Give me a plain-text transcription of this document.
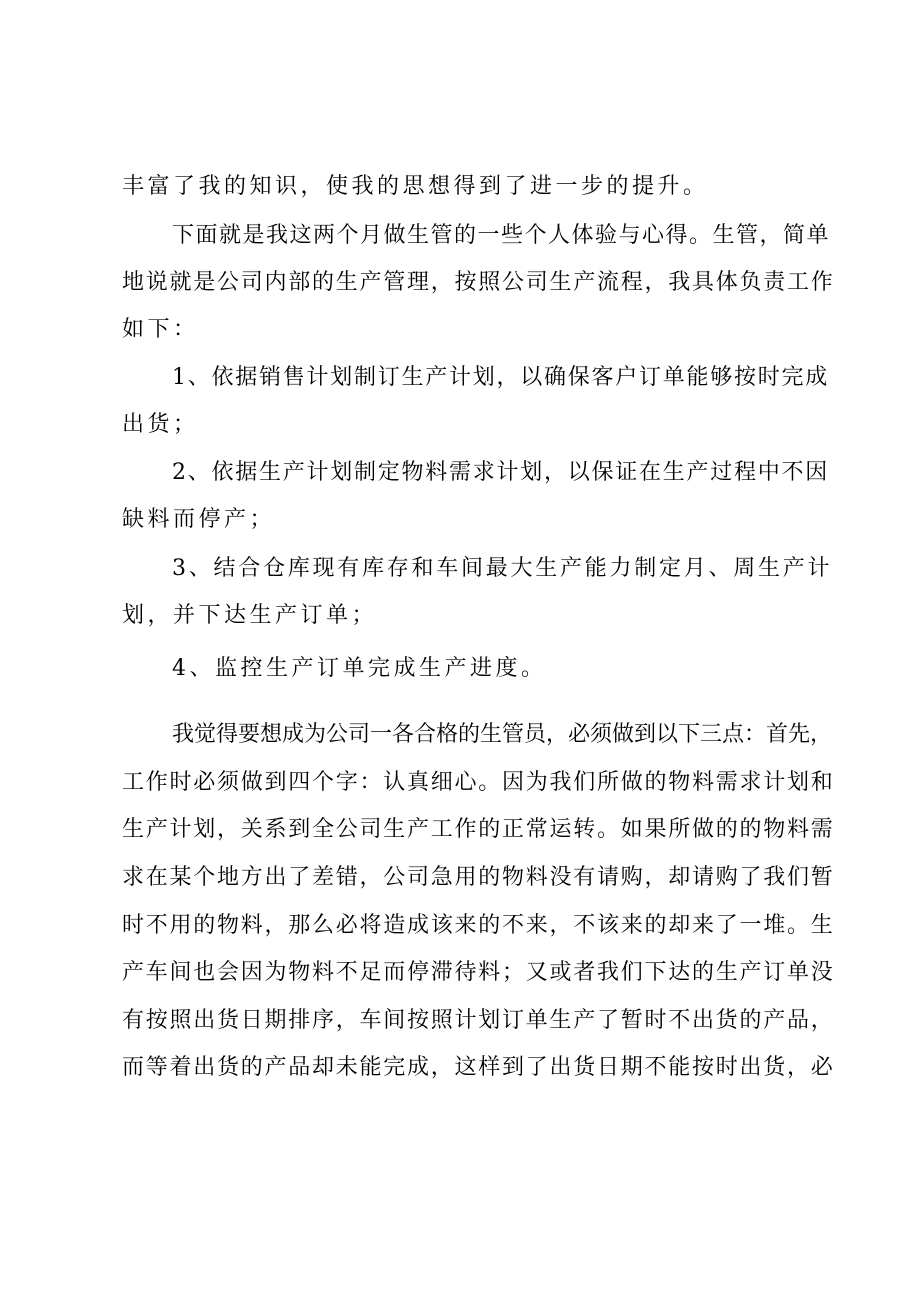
丰富了我的知识，使我的思想得到了进一步的提升。
下面就是我这两个月做生管的一些个人体验与心得。生管，简单
地说就是公司内部的生产管理，按照公司生产流程，我具体负责工作
如下：
1、依据销售计划制订生产计划，以确保客户订单能够按时完成
出货；
2、依据生产计划制定物料需求计划，以保证在生产过程中不因
缺料而停产；
3、结合仓库现有库存和车间最大生产能力制定月、周生产计
划，并下达生产订单；
4、监控生产订单完成生产进度。
我觉得要想成为公司一各合格的生管员，必须做到以下三点：首先，
工作时必须做到四个字：认真细心。因为我们所做的物料需求计划和
生产计划，关系到全公司生产工作的正常运转。如果所做的的物料需
求在某个地方出了差错，公司急用的物料没有请购，却请购了我们暂
时不用的物料，那么必将造成该来的不来，不该来的却来了一堆。生
产车间也会因为物料不足而停滞待料；又或者我们下达的生产订单没
有按照出货日期排序，车间按照计划订单生产了暂时不出货的产品，
而等着出货的产品却未能完成，这样到了出货日期不能按时出货，必
